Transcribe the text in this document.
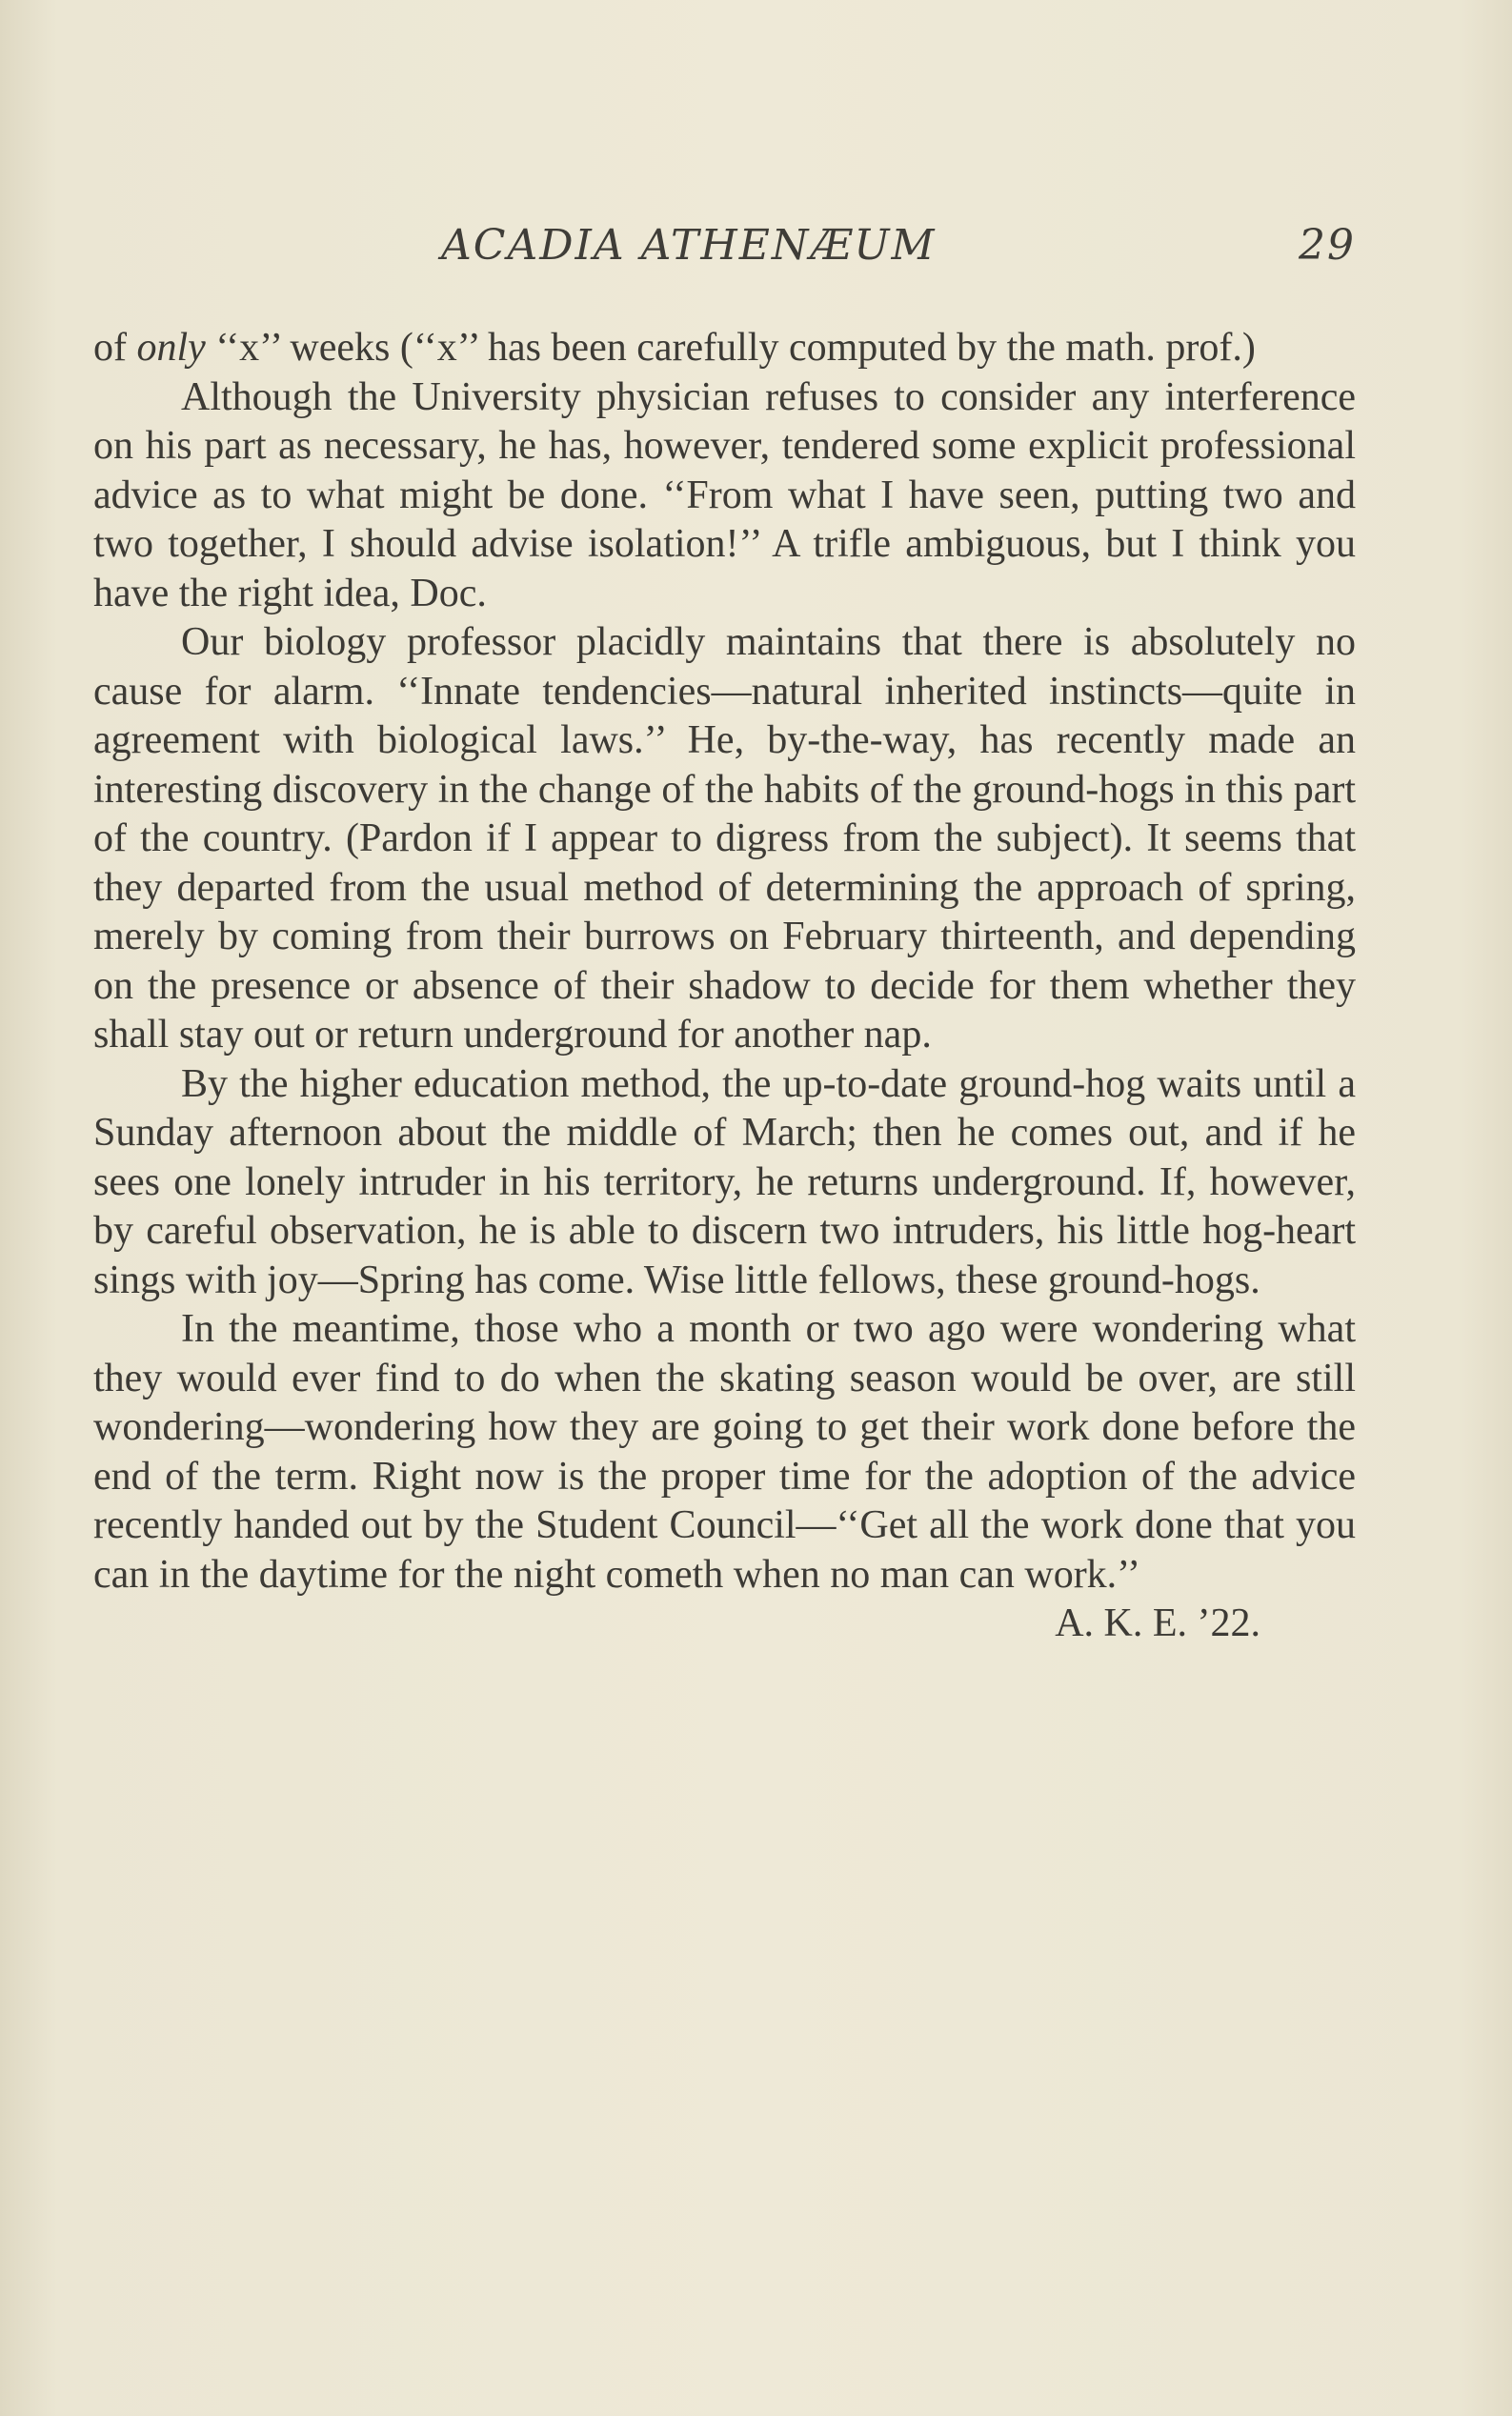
ACADIA ATHENÆUM	29

of only ‘‘x’’ weeks (‘‘x’’ has been carefully computed by the math. prof.)

Although the University physician refuses to consider any interference on his part as necessary, he has, however, tendered some explicit professional advice as to what might be done. ‘‘From what I have seen, putting two and two together, I should advise isolation!’’ A trifle ambiguous, but I think you have the right idea, Doc.

Our biology professor placidly maintains that there is absolutely no cause for alarm. ‘‘Innate tendencies—natural inherited instincts—quite in agreement with biological laws.’’ He, by-the-way, has recently made an interesting discovery in the change of the habits of the ground-hogs in this part of the country. (Pardon if I appear to digress from the subject). It seems that they departed from the usual method of determining the approach of spring, merely by coming from their burrows on February thirteenth, and depending on the presence or absence of their shadow to decide for them whether they shall stay out or return underground for another nap.

By the higher education method, the up-to-date ground-hog waits until a Sunday afternoon about the middle of March; then he comes out, and if he sees one lonely intruder in his territory, he returns underground. If, however, by careful observation, he is able to discern two intruders, his little hog-heart sings with joy—Spring has come. Wise little fellows, these ground-hogs.

In the meantime, those who a month or two ago were wondering what they would ever find to do when the skating season would be over, are still wondering—wondering how they are going to get their work done before the end of the term. Right now is the proper time for the adoption of the advice recently handed out by the Student Council—‘‘Get all the work done that you can in the daytime for the night cometh when no man can work.’’
A. K. E. ’22.
